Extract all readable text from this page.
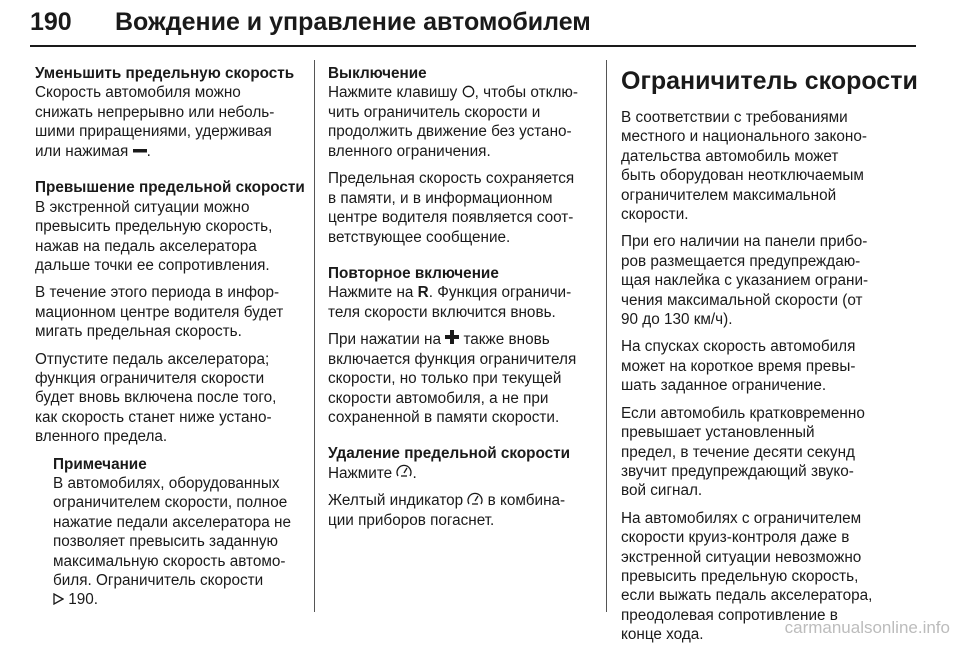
190 Вождение и управление автомобилем

Уменьшить предельную скорость

Скорость автомобиля можно

снижать непрерывно или неболь-

шими приращениями, удерживая

или нажимая .

Превышение предельной скорости

В экстренной ситуации можно

превысить предельную скорость,

нажав на педаль акселератора

дальше точки ее сопротивления.

В течение этого периода в инфор-

мационном центре водителя будет

мигать предельная скорость.

Отпустите педаль акселератора;

функция ограничителя скорости

будет вновь включена после того,

как скорость станет ниже устано-

вленного предела.

Примечание

В автомобилях, оборудованных

ограничителем скорости, полное

нажатие педали акселератора не

позволяет превысить заданную

максимальную скорость автомо-

биля. Ограничитель скорости

190.

Выключение

Нажмите клавишу , чтобы отклю-

чить ограничитель скорости и

продолжить движение без устано-

вленного ограничения.

Предельная скорость сохраняется

в памяти, и в информационном

центре водителя появляется соот-

ветствующее сообщение.

Повторное включение

Нажмите на R. Функция ограничи-

теля скорости включится вновь.

При нажатии на также вновь

включается функция ограничителя

скорости, но только при текущей

скорости автомобиля, а не при

сохраненной в памяти скорости.

Удаление предельной скорости

Нажмите .

Желтый индикатор в комбина-

ции приборов погаснет.

Ограничитель скорости

В соответствии с требованиями

местного и национального законо-

дательства автомобиль может

быть оборудован неотключаемым

ограничителем максимальной

скорости.

При его наличии на панели прибо-

ров размещается предупреждаю-

щая наклейка с указанием ограни-

чения максимальной скорости (от

90 до 130 км/ч).

На спусках скорость автомобиля

может на короткое время превы-

шать заданное ограничение.

Если автомобиль кратковременно

превышает установленный

предел, в течение десяти секунд

звучит предупреждающий звуко-

вой сигнал.

На автомобилях с ограничителем

скорости круиз-контроля даже в

экстренной ситуации невозможно

превысить предельную скорость,

если выжать педаль акселератора,

преодолевая сопротивление в

конце хода.	carmanualsonline.info
